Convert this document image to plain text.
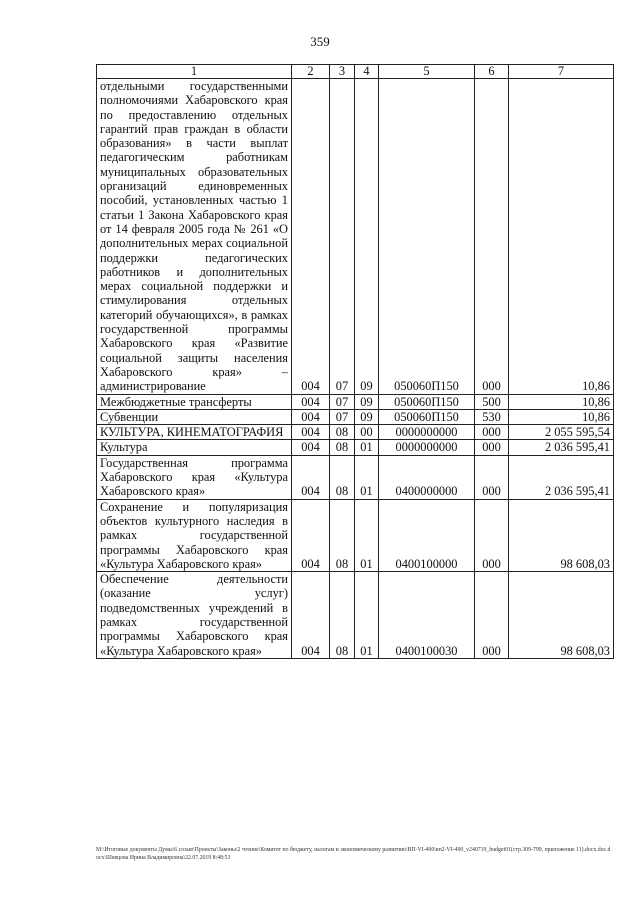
359
1	2	3	4	5	6	7
отдельными государственными полномочиями Хабаровского края по предоставлению отдельных гарантий прав граждан в области образования» в части выплат педагогическим работникам муниципальных образовательных организаций единовременных пособий, установленных частью 1 статьи 1 Закона Хабаровского края от 14 февраля 2005 года № 261 «О дополнительных мерах социальной поддержки педагогических работников и дополнительных мерах социальной поддержки и стимулирования отдельных категорий обучающихся», в рамках государственной программы Хабаровского края «Развитие социальной защиты населения Хабаровского края» – администрирование	004	07	09	050060П150	000	10,86
Межбюджетные трансферты	004	07	09	050060П150	500	10,86
Субвенции	004	07	09	050060П150	530	10,86
КУЛЬТУРА, КИНЕМАТОГРАФИЯ	004	08	00	0000000000	000	2 055 595,54
Культура	004	08	01	0000000000	000	2 036 595,41
Государственная программа Хабаровского края «Культура Хабаровского края»	004	08	01	0400000000	000	2 036 595,41
Сохранение и популяризация объектов культурного наследия в рамках государственной программы Хабаровского края «Культура Хабаровского края»	004	08	01	0400100000	000	98 608,03
Обеспечение деятельности (оказание услуг) подведомственных учреждений в рамках государственной программы Хабаровского края «Культура Хабаровского края»	004	08	01	0400100030	000	98 608,03
M:\Итоговые документы Думы\6 созыв\Проекты\Законы\2 чтение\Комитет по бюджету, налогам и экономическому развитию\ВП-VI-490\вп2-VI-490_v240719_budget01(стр.309-799, приложение 11).docx.doc.docx\Шевцова Ирина Владимировна\22.07.2019 8:48:53
